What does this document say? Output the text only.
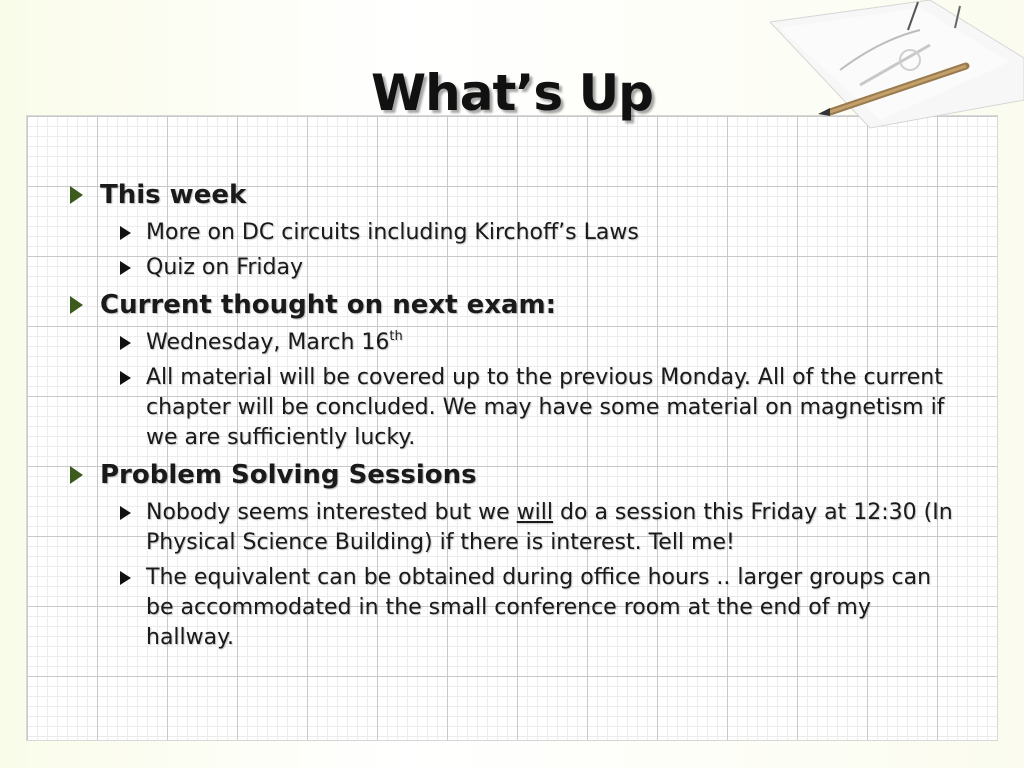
What’s Up
This week
More on DC circuits including Kirchoff’s Laws
Quiz on Friday
Current thought on next exam:
Wednesday, March 16th
All material will be covered up to the previous Monday. All of the current chapter will be concluded. We may have some material on magnetism if we are sufficiently lucky.
Problem Solving Sessions
Nobody seems interested but we will do a session this Friday at 12:30 (In Physical Science Building) if there is interest. Tell me!
The equivalent can be obtained during office hours .. larger groups can be accommodated in the small conference room at the end of my hallway.
